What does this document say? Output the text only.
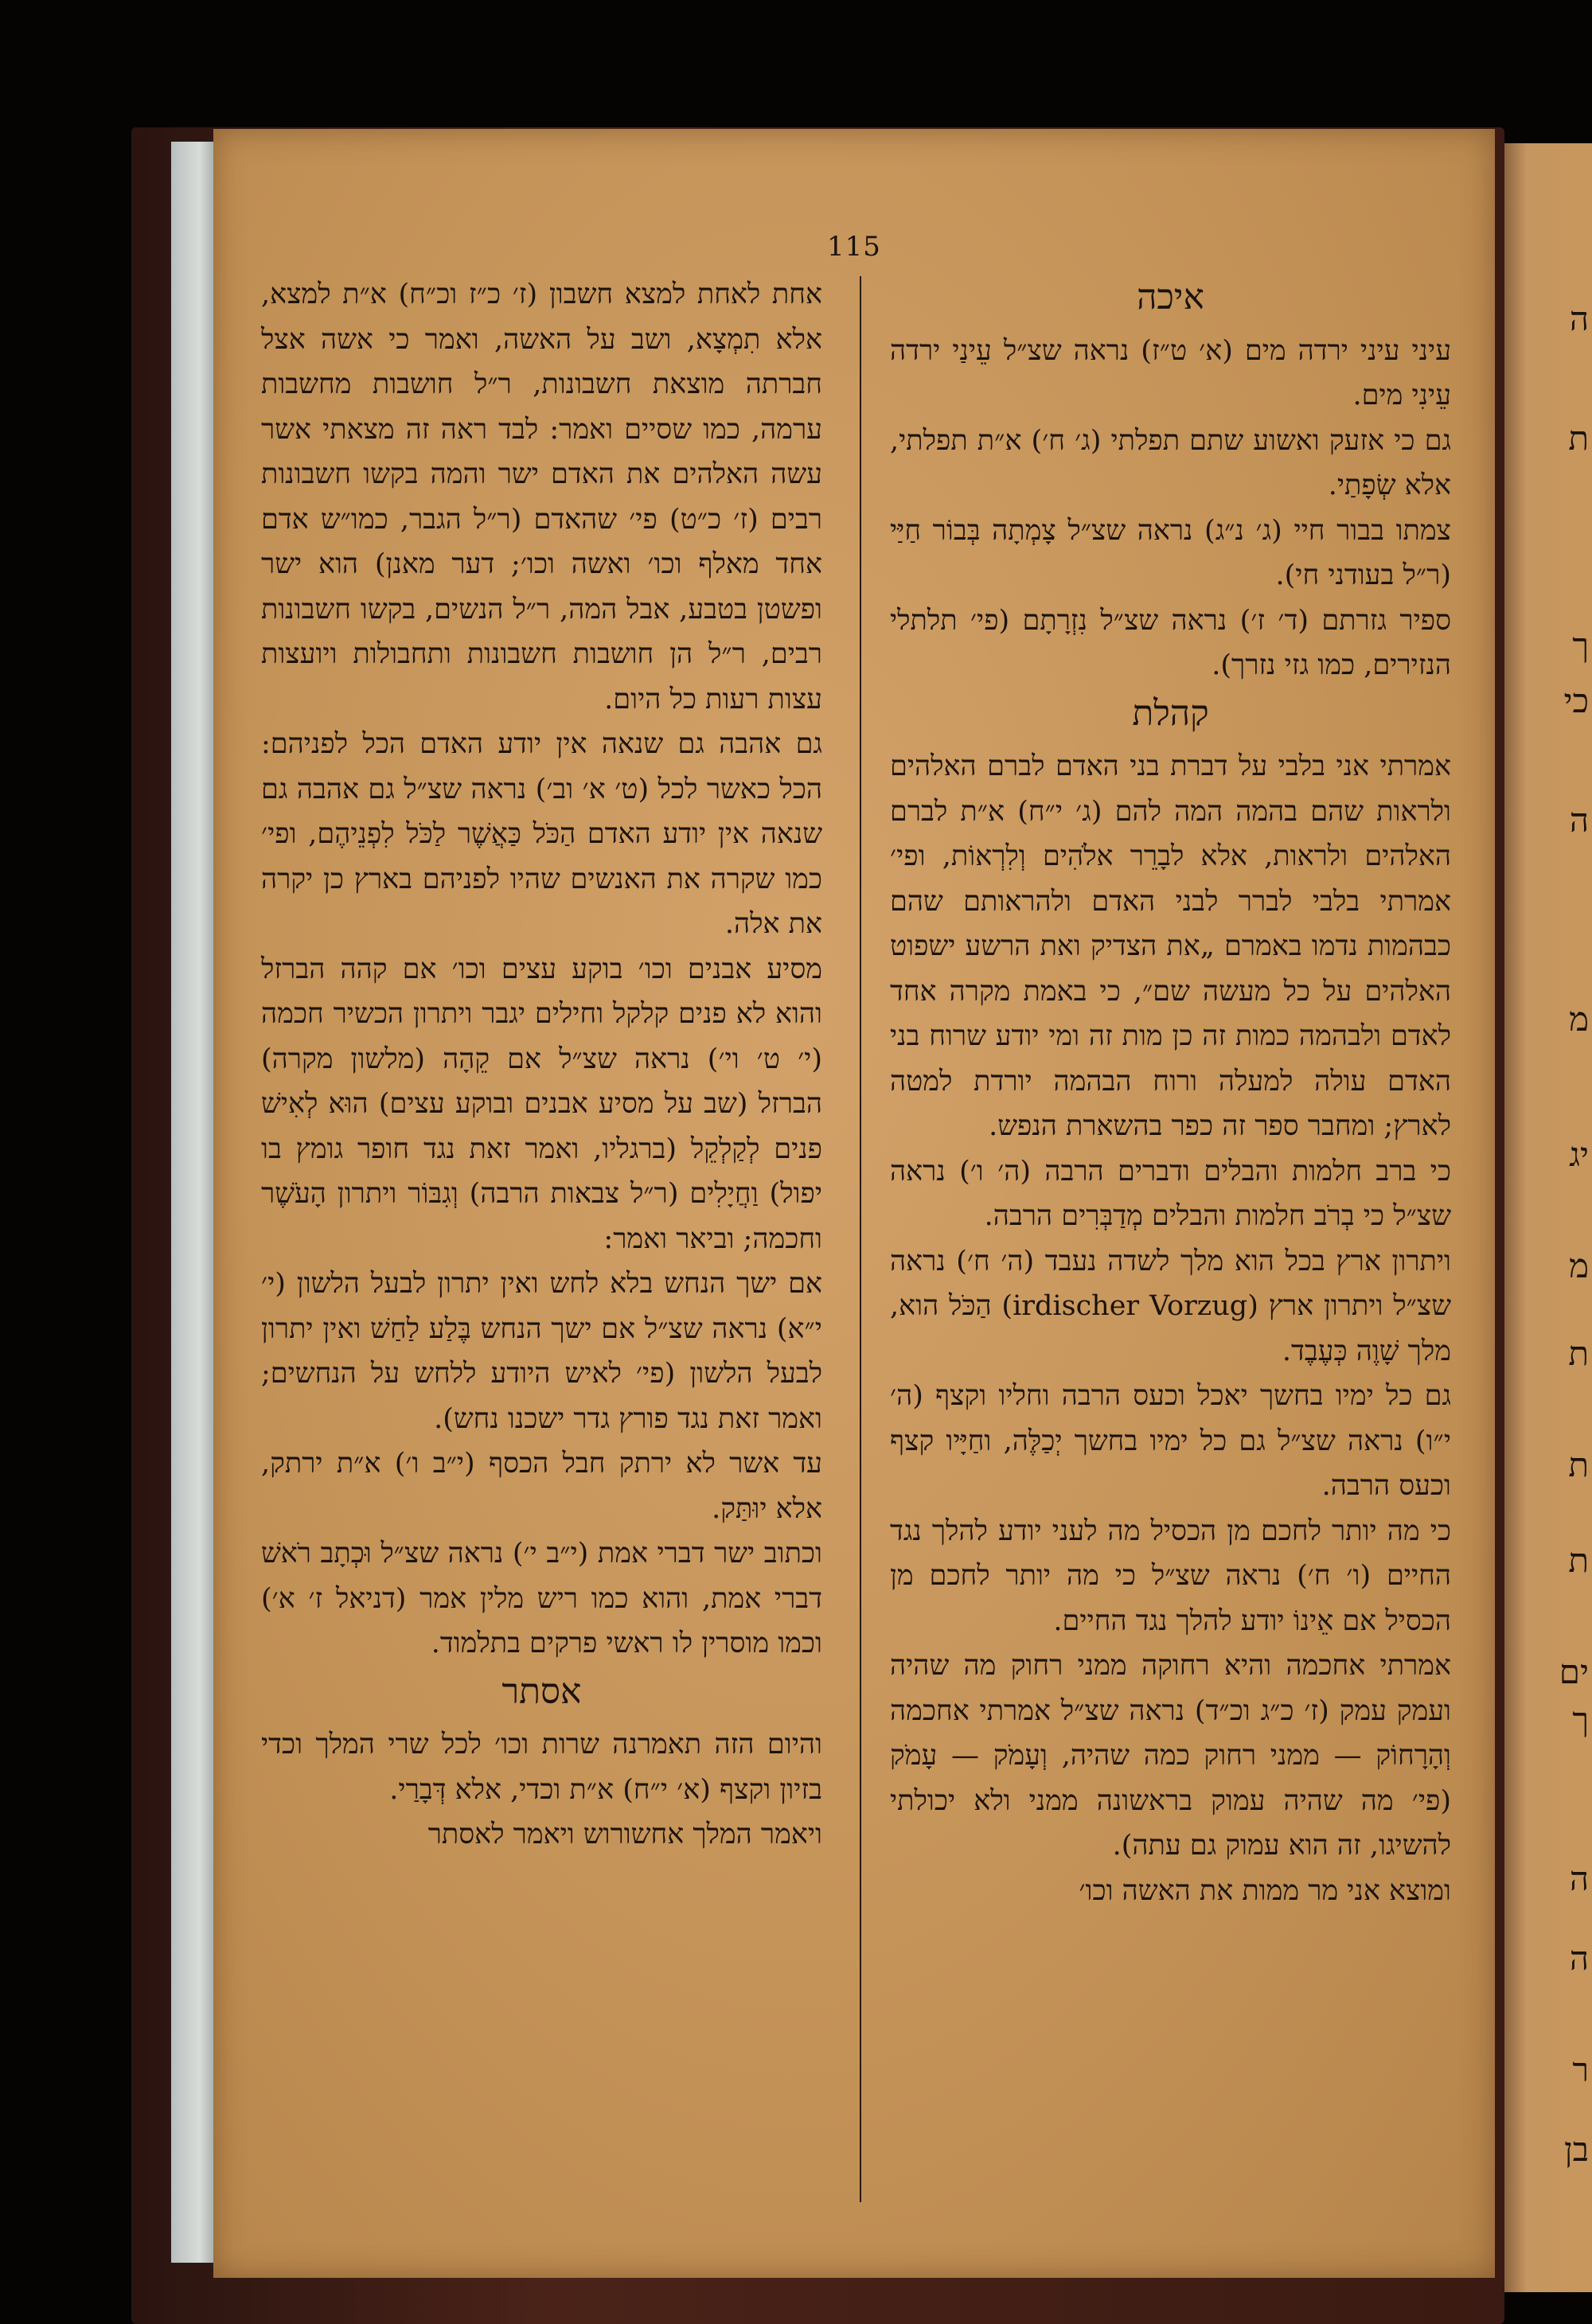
115
איכה

עיני עיני ירדה מים (א׳ ט״ז) נראה שצ״ל עֵינַי ירדה עֵינִי מים.

גם כי אזעק ואשוע שתם תפלתי (ג׳ ח׳) א״ת תפלתי, אלא שְׂפָתַי.

צמתו בבור חיי (ג׳ נ״ג) נראה שצ״ל צָמְתָה בְּבוֹר חַיַּי (ר״ל בעודני חי).

ספיר גזרתם (ד׳ ז׳) נראה שצ״ל נִזְרָתָם (פי׳ תלתלי הנזירים, כמו גזי נזרך).

קהלת

אמרתי אני בלבי על דברת בני האדם לברם האלהים ולראות שהם בהמה המה להם (ג׳ י״ח) א״ת לברם האלהים ולראות, אלא לבָרֵר אלֹהִים וְלִרְאוֹת, ופי׳ אמרתי בלבי לברר לבני האדם ולהראותם שהם כבהמות נדמו באמרם „את הצדיק ואת הרשע ישפוט האלהים על כל מעשה שם״, כי באמת מקרה אחד לאדם ולבהמה כמות זה כן מות זה ומי יודע שרוח בני האדם עולה למעלה ורוח הבהמה יורדת למטה לארץ; ומחבר ספר זה כפר בהשארת הנפש.

כי ברב חלמות והבלים ודברים הרבה (ה׳ ו׳) נראה שצ״ל כי בְרֹב חלמות והבלים מְדַבְּרִים הרבה.

ויתרון ארץ בכל הוא מלך לשדה נעבד (ה׳ ח׳) נראה שצ״ל ויתרון ארץ (irdischer Vorzug) הַכֹּל הוא, מלך שָׁוֶה כְּעֶבֶד.

גם כל ימיו בחשך יאכל וכעס הרבה וחליו וקצף (ה׳ י״ו) נראה שצ״ל גם כל ימיו בחשך יְכַלֶּה, וחַיָּיו קצף וכעס הרבה.

כי מה יותר לחכם מן הכסיל מה לעני יודע להלך נגד החיים (ו׳ ח׳) נראה שצ״ל כי מה יותר לחכם מן הכסיל אם אֵינוֹ יודע להלך נגד החיים.

אמרתי אחכמה והיא רחוקה ממני רחוק מה שהיה ועמק עמק (ז׳ כ״ג וכ״ד) נראה שצ״ל אמרתי אחכמה וְהָרָחוֹק — ממני רחוק כמה שהיה, וְעָמֹק — עָמֹק (פי׳ מה שהיה עמוק בראשונה ממני ולא יכולתי להשיגו, זה הוא עמוק גם עתה).

ומוצא אני מר ממות את האשה וכו׳

אחת לאחת למצא חשבון (ז׳ כ״ז וכ״ח) א״ת למצא, אלא תִמְצָא, ושב על האשה, ואמר כי אשה אצל חברתה מוצאת חשבונות, ר״ל חושבות מחשבות ערמה, כמו שסיים ואמר: לבד ראה זה מצאתי אשר עשה האלהים את האדם ישר והמה בקשו חשבונות רבים (ז׳ כ״ט) פי׳ שהאדם (ר״ל הגבר, כמו״ש אדם אחד מאלף וכו׳ ואשה וכו׳; דער מאנן) הוא ישר ופשטן בטבע, אבל המה, ר״ל הנשים, בקשו חשבונות רבים, ר״ל הן חושבות חשבונות ותחבולות ויועצות עצות רעות כל היום.

גם אהבה גם שנאה אין יודע האדם הכל לפניהם: הכל כאשר לכל (ט׳ א׳ וב׳) נראה שצ״ל גם אהבה גם שנאה אין יודע האדם הַכֹּל כַּאֲשֶׁר לַכֹּל לִפְנֵיהֶם, ופי׳ כמו שקרה את האנשים שהיו לפניהם בארץ כן יקרה את אלה.

מסיע אבנים וכו׳ בוקע עצים וכו׳ אם קהה הברזל והוא לא פנים קלקל וחילים יגבר ויתרון הכשיר חכמה (י׳ ט׳ וי׳) נראה שצ״ל אם קֵהָה (מלשון מקרה) הברזל (שב על מסיע אבנים ובוקע עצים) הוּא לְאִישׁ פנים לְקַלְקֵל (ברגליו, ואמר זאת נגד חופר גומץ בו יפול) וַחֲיָלִים (ר״ל צבאות הרבה) וְגִבּוֹר ויתרון הָעֹשֶׁר וחכמה; וביאר ואמר:

אם ישך הנחש בלא לחש ואין יתרון לבעל הלשון (י׳ י״א) נראה שצ״ל אם ישך הנחש בֶּלַע לַחַשׁ ואין יתרון לבעל הלשון (פי׳ לאיש היודע ללחש על הנחשים; ואמר זאת נגד פורץ גדר ישכנו נחש).

עד אשר לא ירתק חבל הכסף (י״ב ו׳) א״ת ירתק, אלא יוּתַּק.

וכתוב ישר דברי אמת (י״ב י׳) נראה שצ״ל וּכְתָב רֹאשׁ דברי אמת, והוא כמו ריש מלין אמר (דניאל ז׳ א׳) וכמו מוסרין לו ראשי פרקים בתלמוד.

אסתר

והיום הזה תאמרנה שרות וכו׳ לכל שרי המלך וכדי בזיון וקצף (א׳ י״ח) א״ת וכדי, אלא דְּבָרַי.

ויאמר המלך אחשורוש ויאמר לאסתר

ה
ת
ך
כי
ה
מ
יג
מ
ת
ת
ת
ים
ך
ה
ה
ר
בן
